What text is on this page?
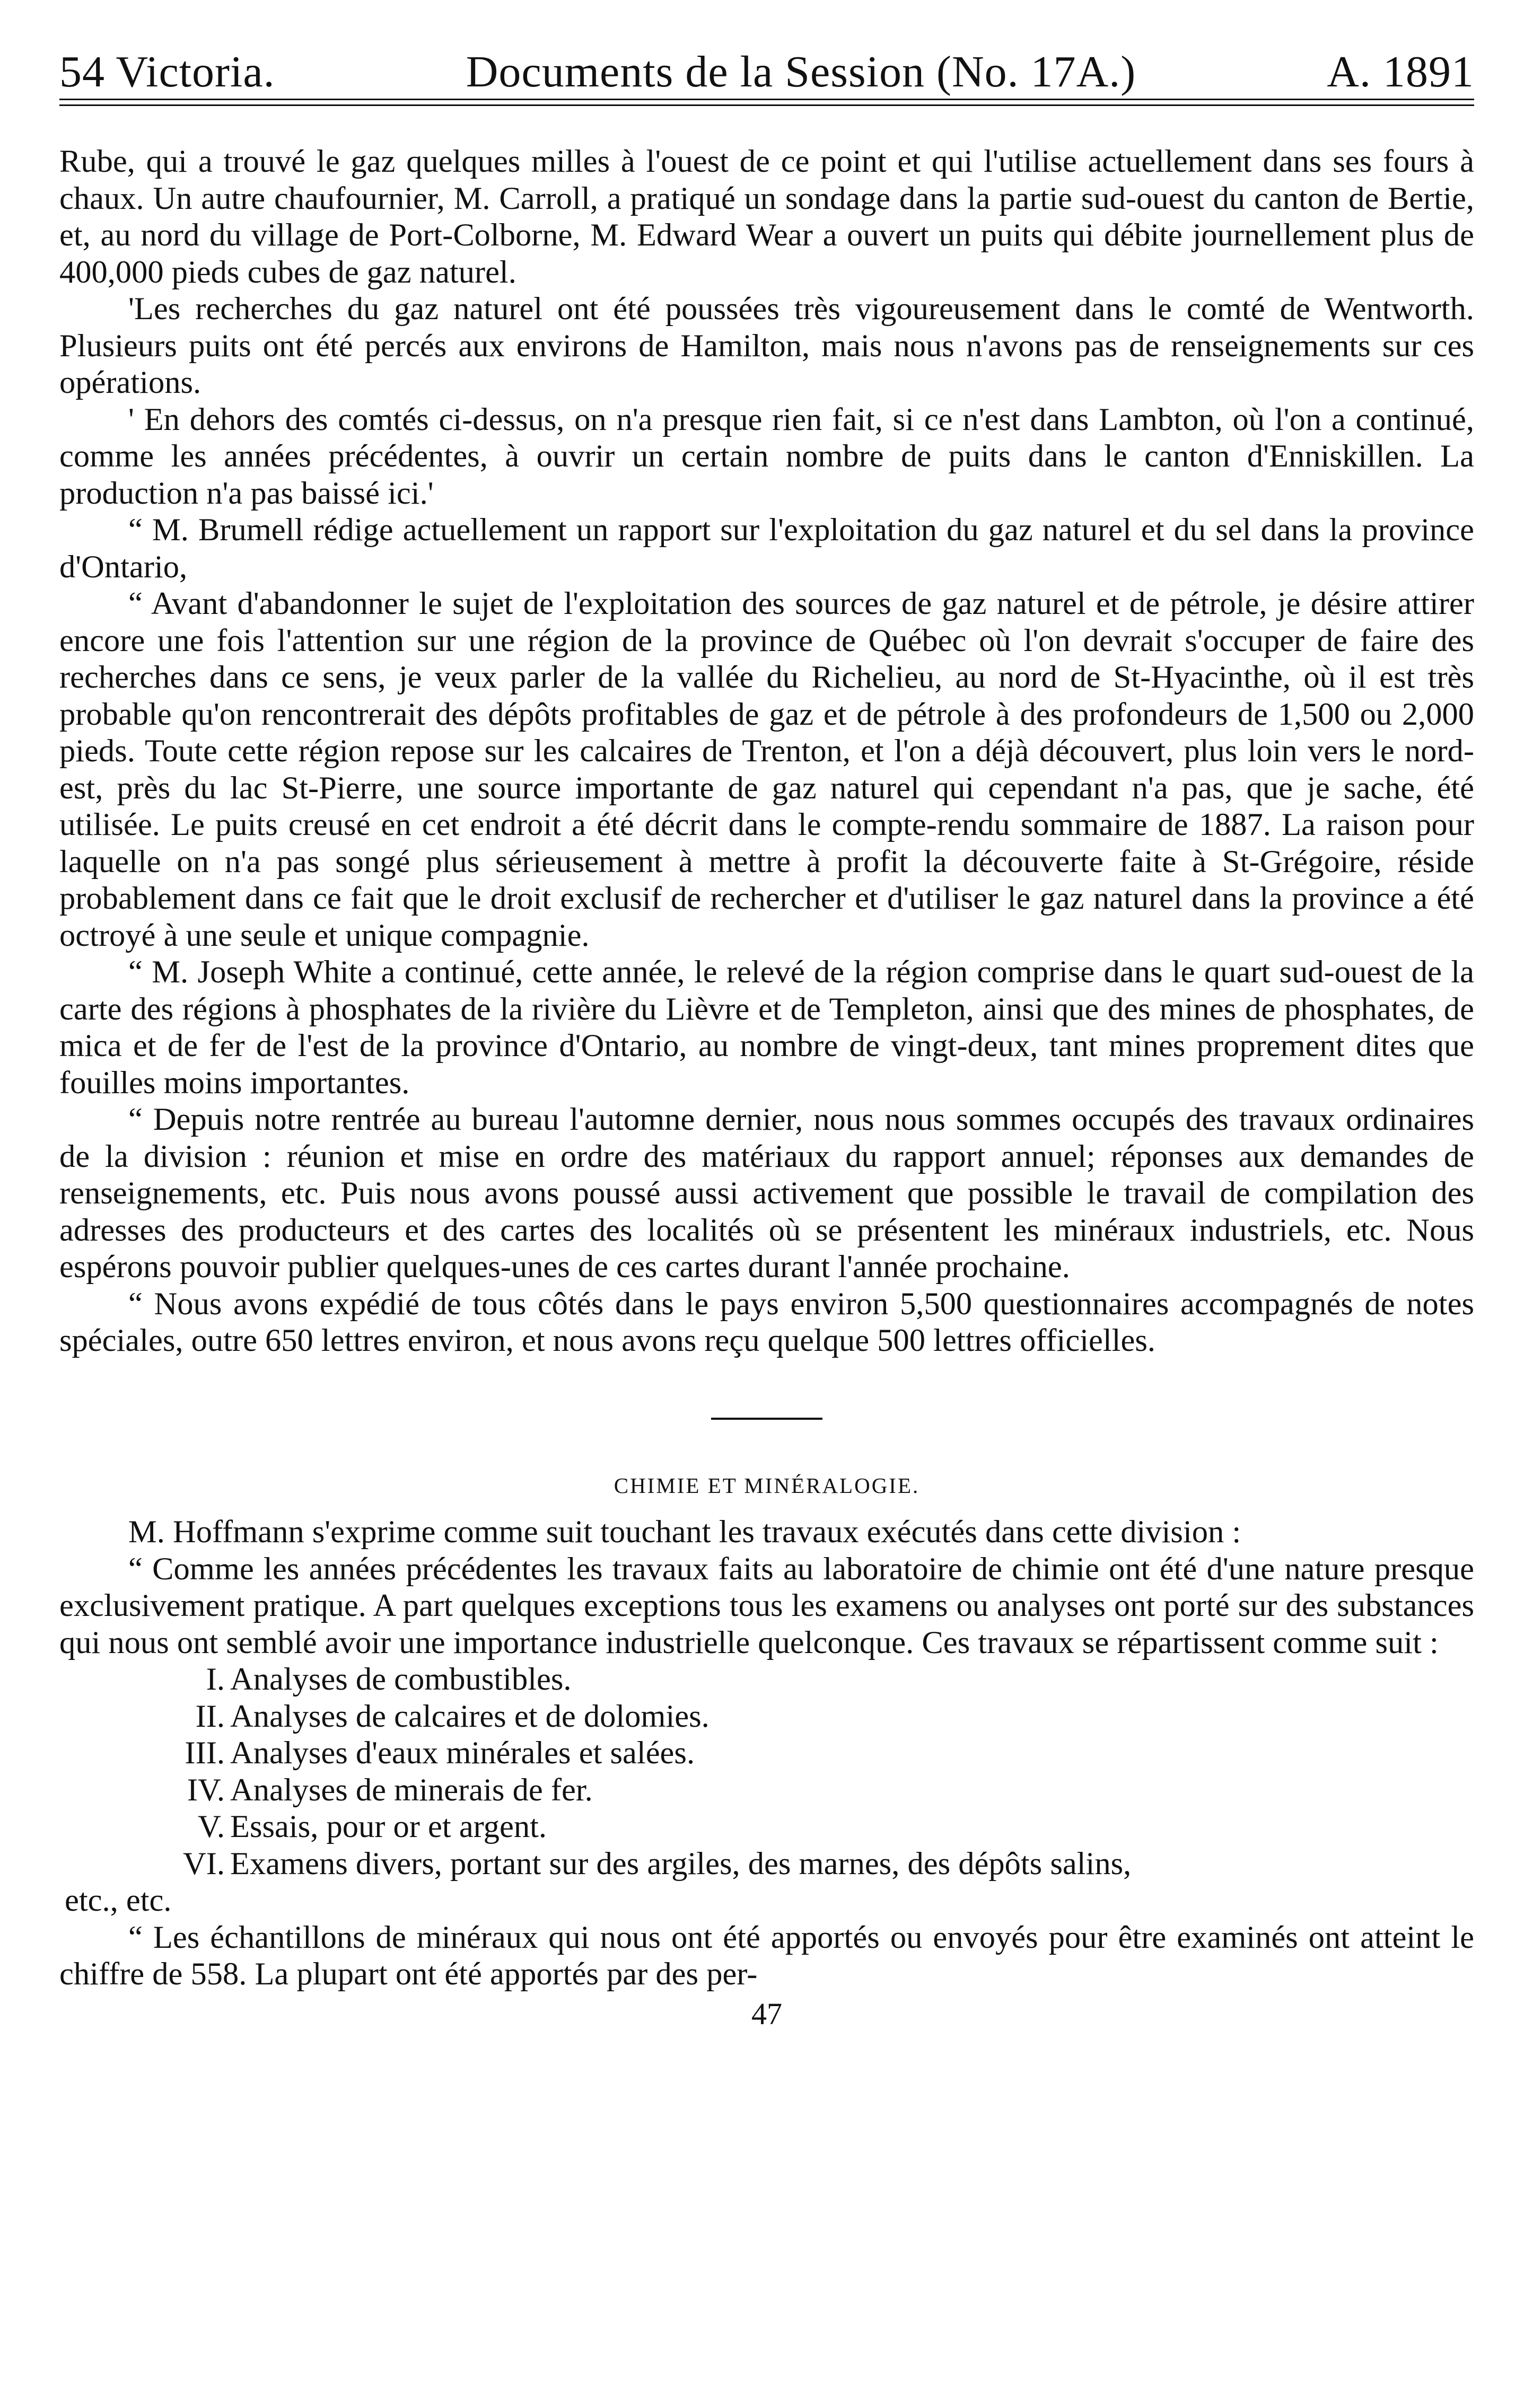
54 Victoria.	Documents de la Session (No. 17A.)	A. 1891

Rube, qui a trouvé le gaz quelques milles à l'ouest de ce point et qui l'utilise actuellement dans ses fours à chaux. Un autre chaufournier, M. Carroll, a pratiqué un sondage dans la partie sud-ouest du canton de Bertie, et, au nord du village de Port-Colborne, M. Edward Wear a ouvert un puits qui débite journellement plus de 400,000 pieds cubes de gaz naturel.

'Les recherches du gaz naturel ont été poussées très vigoureusement dans le comté de Wentworth. Plusieurs puits ont été percés aux environs de Hamilton, mais nous n'avons pas de renseignements sur ces opérations.

' En dehors des comtés ci-dessus, on n'a presque rien fait, si ce n'est dans Lambton, où l'on a continué, comme les années précédentes, à ouvrir un certain nombre de puits dans le canton d'Enniskillen. La production n'a pas baissé ici.'

“ M. Brumell rédige actuellement un rapport sur l'exploitation du gaz naturel et du sel dans la province d'Ontario,

“ Avant d'abandonner le sujet de l'exploitation des sources de gaz naturel et de pétrole, je désire attirer encore une fois l'attention sur une région de la province de Québec où l'on devrait s'occuper de faire des recherches dans ce sens, je veux parler de la vallée du Richelieu, au nord de St-Hyacinthe, où il est très probable qu'on rencontrerait des dépôts profitables de gaz et de pétrole à des profondeurs de 1,500 ou 2,000 pieds. Toute cette région repose sur les calcaires de Trenton, et l'on a déjà découvert, plus loin vers le nord-est, près du lac St-Pierre, une source importante de gaz naturel qui cependant n'a pas, que je sache, été utilisée. Le puits creusé en cet endroit a été décrit dans le compte-rendu sommaire de 1887. La raison pour laquelle on n'a pas songé plus sérieusement à mettre à profit la découverte faite à St-Grégoire, réside probablement dans ce fait que le droit exclusif de rechercher et d'utiliser le gaz naturel dans la province a été octroyé à une seule et unique compagnie.

“ M. Joseph White a continué, cette année, le relevé de la région comprise dans le quart sud-ouest de la carte des régions à phosphates de la rivière du Lièvre et de Templeton, ainsi que des mines de phosphates, de mica et de fer de l'est de la province d'Ontario, au nombre de vingt-deux, tant mines proprement dites que fouilles moins importantes.

“ Depuis notre rentrée au bureau l'automne dernier, nous nous sommes occupés des travaux ordinaires de la division : réunion et mise en ordre des matériaux du rapport annuel; réponses aux demandes de renseignements, etc. Puis nous avons poussé aussi activement que possible le travail de compilation des adresses des producteurs et des cartes des localités où se présentent les minéraux industriels, etc. Nous espérons pouvoir publier quelques-unes de ces cartes durant l'année prochaine.

“ Nous avons expédié de tous côtés dans le pays environ 5,500 questionnaires accompagnés de notes spéciales, outre 650 lettres environ, et nous avons reçu quelque 500 lettres officielles.

CHIMIE ET MINÉRALOGIE.

M. Hoffmann s'exprime comme suit touchant les travaux exécutés dans cette division :

“ Comme les années précédentes les travaux faits au laboratoire de chimie ont été d'une nature presque exclusivement pratique. A part quelques exceptions tous les examens ou analyses ont porté sur des substances qui nous ont semblé avoir une importance industrielle quelconque. Ces travaux se répartissent comme suit :

I. Analyses de combustibles.
II. Analyses de calcaires et de dolomies.
III. Analyses d'eaux minérales et salées.
IV. Analyses de minerais de fer.
V. Essais, pour or et argent.
VI. Examens divers, portant sur des argiles, des marnes, des dépôts salins,
etc., etc.

“ Les échantillons de minéraux qui nous ont été apportés ou envoyés pour être examinés ont atteint le chiffre de 558. La plupart ont été apportés par des per-

47
